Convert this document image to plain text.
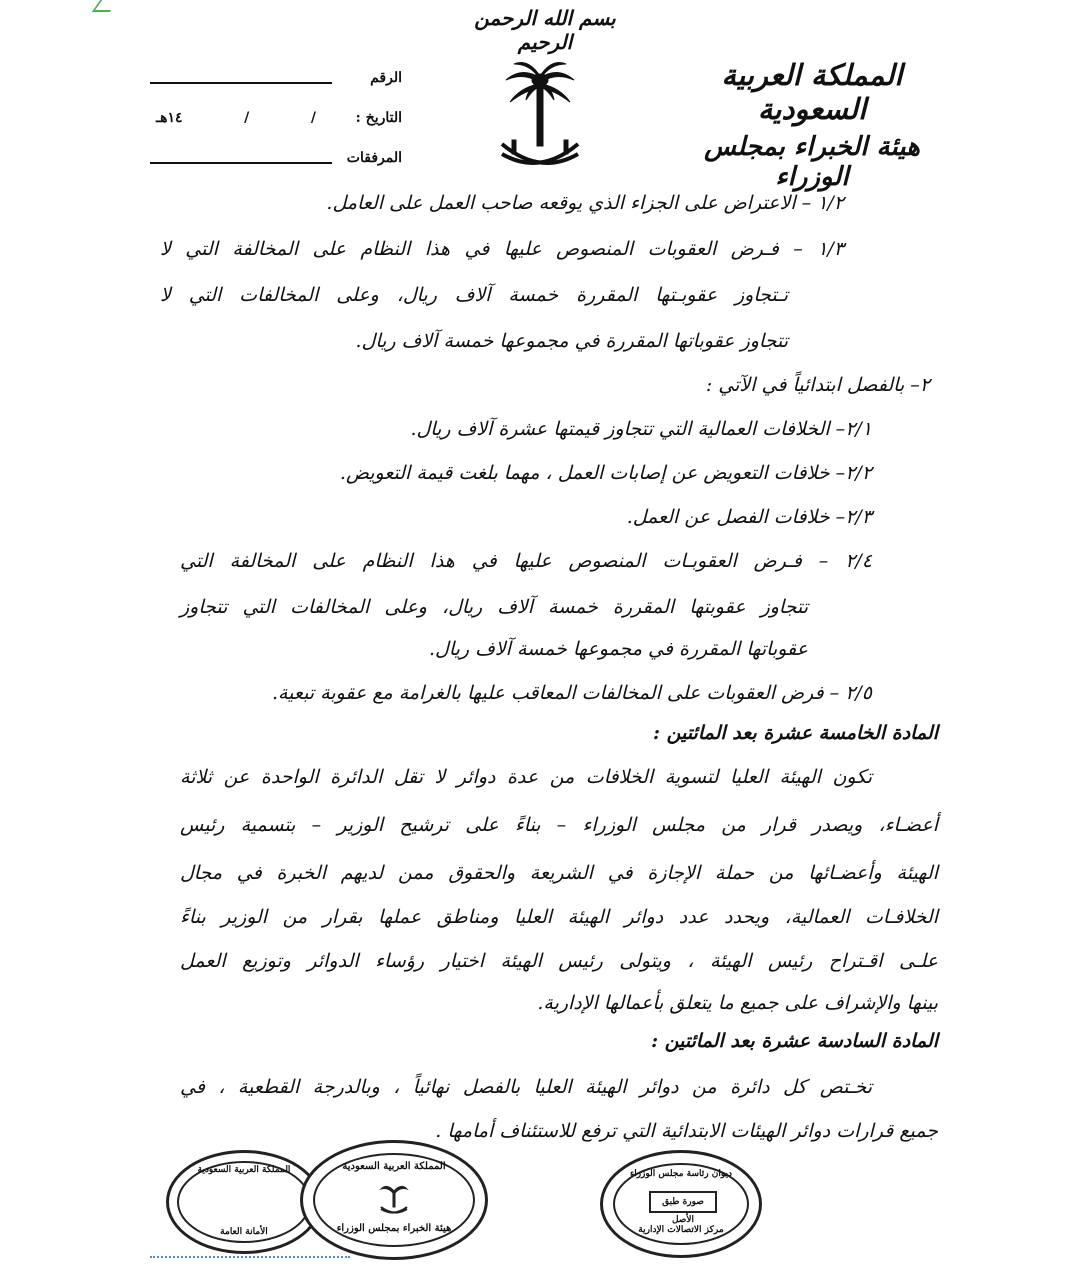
بسم الله الرحمن الرحيم
المملكة العربية السعودية
هيئة الخبراء بمجلس الوزراء
الرقم
التاريخ :
/
/
١٤هـ
المرفقات
١/٢ – الاعتراض على الجزاء الذي يوقعه صاحب العمل على العامل.
١/٣ – فـرض العقوبات المنصوص عليها في هذا النظام على المخالفة التي لا
تـتجاوز عقوبـتها المقررة خمسة آلاف ريال، وعلى المخالفات التي لا
تتجاوز عقوباتها المقررة في مجموعها خمسة آلاف ريال.
٢– بالفصل ابتدائياً في الآتي :
٢/١– الخلافات العمالية التي تتجاوز قيمتها عشرة آلاف ريال.
٢/٢– خلافات التعويض عن إصابات العمل ، مهما بلغت قيمة التعويض.
٢/٣– خلافات الفصل عن العمل.
٢/٤ – فـرض العقوبـات المنصوص عليها في هذا النظام على المخالفة التي
تتجاوز عقوبتها المقررة خمسة آلاف ريال، وعلى المخالفات التي تتجاوز
عقوباتها المقررة في مجموعها خمسة آلاف ريال.
٢/٥ – فرض العقوبات على المخالفات المعاقب عليها بالغرامة مع عقوبة تبعية.
المادة الخامسة عشرة بعد المائتين :
تكون الهيئة العليا لتسوية الخلافات من عدة دوائر لا تقل الدائرة الواحدة عن ثلاثة
أعضـاء، ويصدر قرار من مجلس الوزراء – بناءً على ترشيح الوزير – بتسمية رئيس
الهيئة وأعضـائها من حملة الإجازة في الشريعة والحقوق ممن لديهم الخبرة في مجال
الخلافـات العمالية، ويحدد عدد دوائر الهيئة العليا ومناطق عملها بقرار من الوزير بناءً
علـى اقـتراح رئيس الهيئة ، ويتولى رئيس الهيئة اختيار رؤساء الدوائر وتوزيع العمل
بينها والإشراف على جميع ما يتعلق بأعمالها الإدارية.
المادة السادسة عشرة بعد المائتين :
تخـتص كل دائرة من دوائر الهيئة العليا بالفصل نهائياً ، وبالدرجة القطعية ، في
جميع قرارات دوائر الهيئات الابتدائية التي ترفع للاستئناف أمامها .
المملكة العربية السعودية
الأمانة العامة
المملكة العربية السعودية
هيئة الخبراء بمجلس الوزراء
ديوان رئاسة مجلس الوزراء
صورة طبق الأصل
مركز الاتصالات الإدارية
